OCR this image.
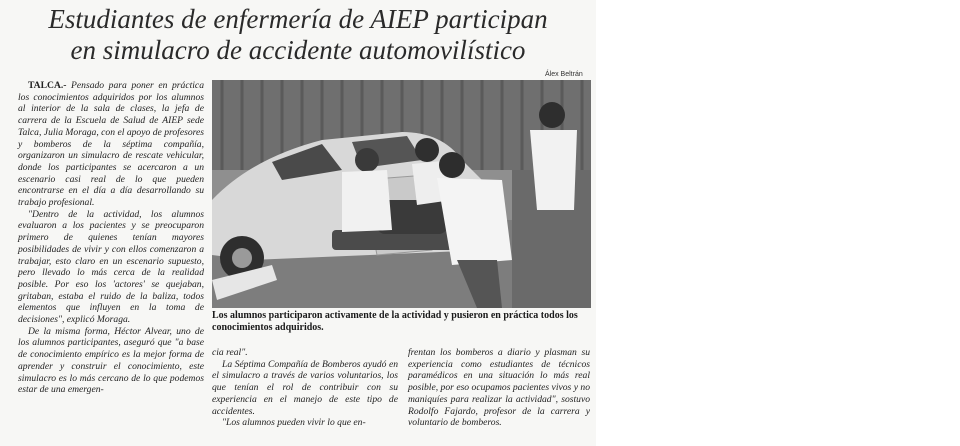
Estudiantes de enfermería de AIEP participan
en simulacro de accidente automovilístico
Álex Beltrán

TALCA.- Pensado para poner en práctica los conocimientos adquiridos por los alumnos al interior de la sala de clases, la jefa de carrera de la Escuela de Salud de AIEP sede Talca, Julia Moraga, con el apoyo de profesores y bomberos de la séptima compañía, organizaron un simulacro de rescate vehicular, donde los participantes se acercaron a un escenario casi real de lo que pueden encontrarse en el día a día desarrollando su trabajo profesional.

"Dentro de la actividad, los alumnos evaluaron a los pacientes y se preocuparon primero de quienes tenían mayores posibilidades de vivir y con ellos comenzaron a trabajar, esto claro en un escenario supuesto, pero llevado lo más cerca de la realidad posible. Por eso los 'actores' se quejaban, gritaban, estaba el ruido de la baliza, todos elementos que influyen en la toma de decisiones", explicó Moraga.

De la misma forma, Héctor Alvear, uno de los alumnos participantes, aseguró que "a base de conocimiento empírico es la mejor forma de aprender y construir el conocimiento, este simulacro es lo más cercano de lo que podemos estar de una emergen-

Los alumnos participaron activamente de la actividad y pusieron en práctica todos los conocimientos adquiridos.

cia real".

La Séptima Compañía de Bomberos ayudó en el simulacro a través de varios voluntarios, los que tenían el rol de contribuir con su experiencia en el manejo de este tipo de accidentes.

"Los alumnos pueden vivir lo que en-

frentan los bomberos a diario y plasman su experiencia como estudiantes de técnicos paramédicos en una situación lo más real posible, por eso ocupamos pacientes vivos y no maniquíes para realizar la actividad", sostuvo Rodolfo Fajardo, profesor de la carrera y voluntario de bomberos.
